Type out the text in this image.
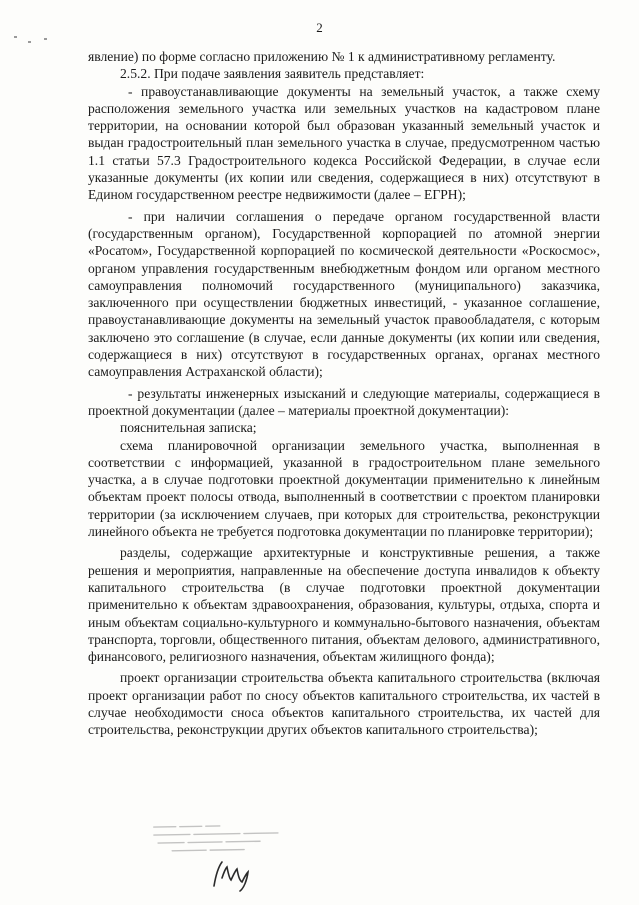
2

явление) по форме согласно приложению № 1 к административному регламенту.

2.5.2. При подаче заявления заявитель представляет:

- правоустанавливающие документы на земельный участок, а также схему расположения земельного участка или земельных участков на кадастровом плане территории, на основании которой был образован указанный земельный участок и выдан градостроительный план земельного участка в случае, предусмотренном частью 1.1 статьи 57.3 Градостроительного кодекса Российской Федерации, в случае если указанные документы (их копии или сведения, содержащиеся в них) отсутствуют в Едином государственном реестре недвижимости (далее – ЕГРН);

- при наличии соглашения о передаче органом государственной власти (государственным органом), Государственной корпорацией по атомной энергии «Росатом», Государственной корпорацией по космической деятельности «Роскосмос», органом управления государственным внебюджетным фондом или органом местного самоуправления полномочий государственного (муниципального) заказчика, заключенного при осуществлении бюджетных инвестиций, - указанное соглашение, правоустанавливающие документы на земельный участок правообладателя, с которым заключено это соглашение (в случае, если данные документы (их копии или сведения, содержащиеся в них) отсутствуют в государственных органах, органах местного самоуправления Астраханской области);

- результаты инженерных изысканий и следующие материалы, содержащиеся в проектной документации (далее – материалы проектной документации):

пояснительная записка;

схема планировочной организации земельного участка, выполненная в соответствии с информацией, указанной в градостроительном плане земельного участка, а в случае подготовки проектной документации применительно к линейным объектам проект полосы отвода, выполненный в соответствии с проектом планировки территории (за исключением случаев, при которых для строительства, реконструкции линейного объекта не требуется подготовка документации по планировке территории);

разделы, содержащие архитектурные и конструктивные решения, а также решения и мероприятия, направленные на обеспечение доступа инвалидов к объекту капитального строительства (в случае подготовки проектной документации применительно к объектам здравоохранения, образования, культуры, отдыха, спорта и иным объектам социально-культурного и коммунально-бытового назначения, объектам транспорта, торговли, общественного питания, объектам делового, административного, финансового, религиозного назначения, объектам жилищного фонда);

проект организации строительства объекта капитального строительства (включая проект организации работ по сносу объектов капитального строительства, их частей в случае необходимости сноса объектов капитального строительства, их частей для строительства, реконструкции других объектов капитального строительства);
